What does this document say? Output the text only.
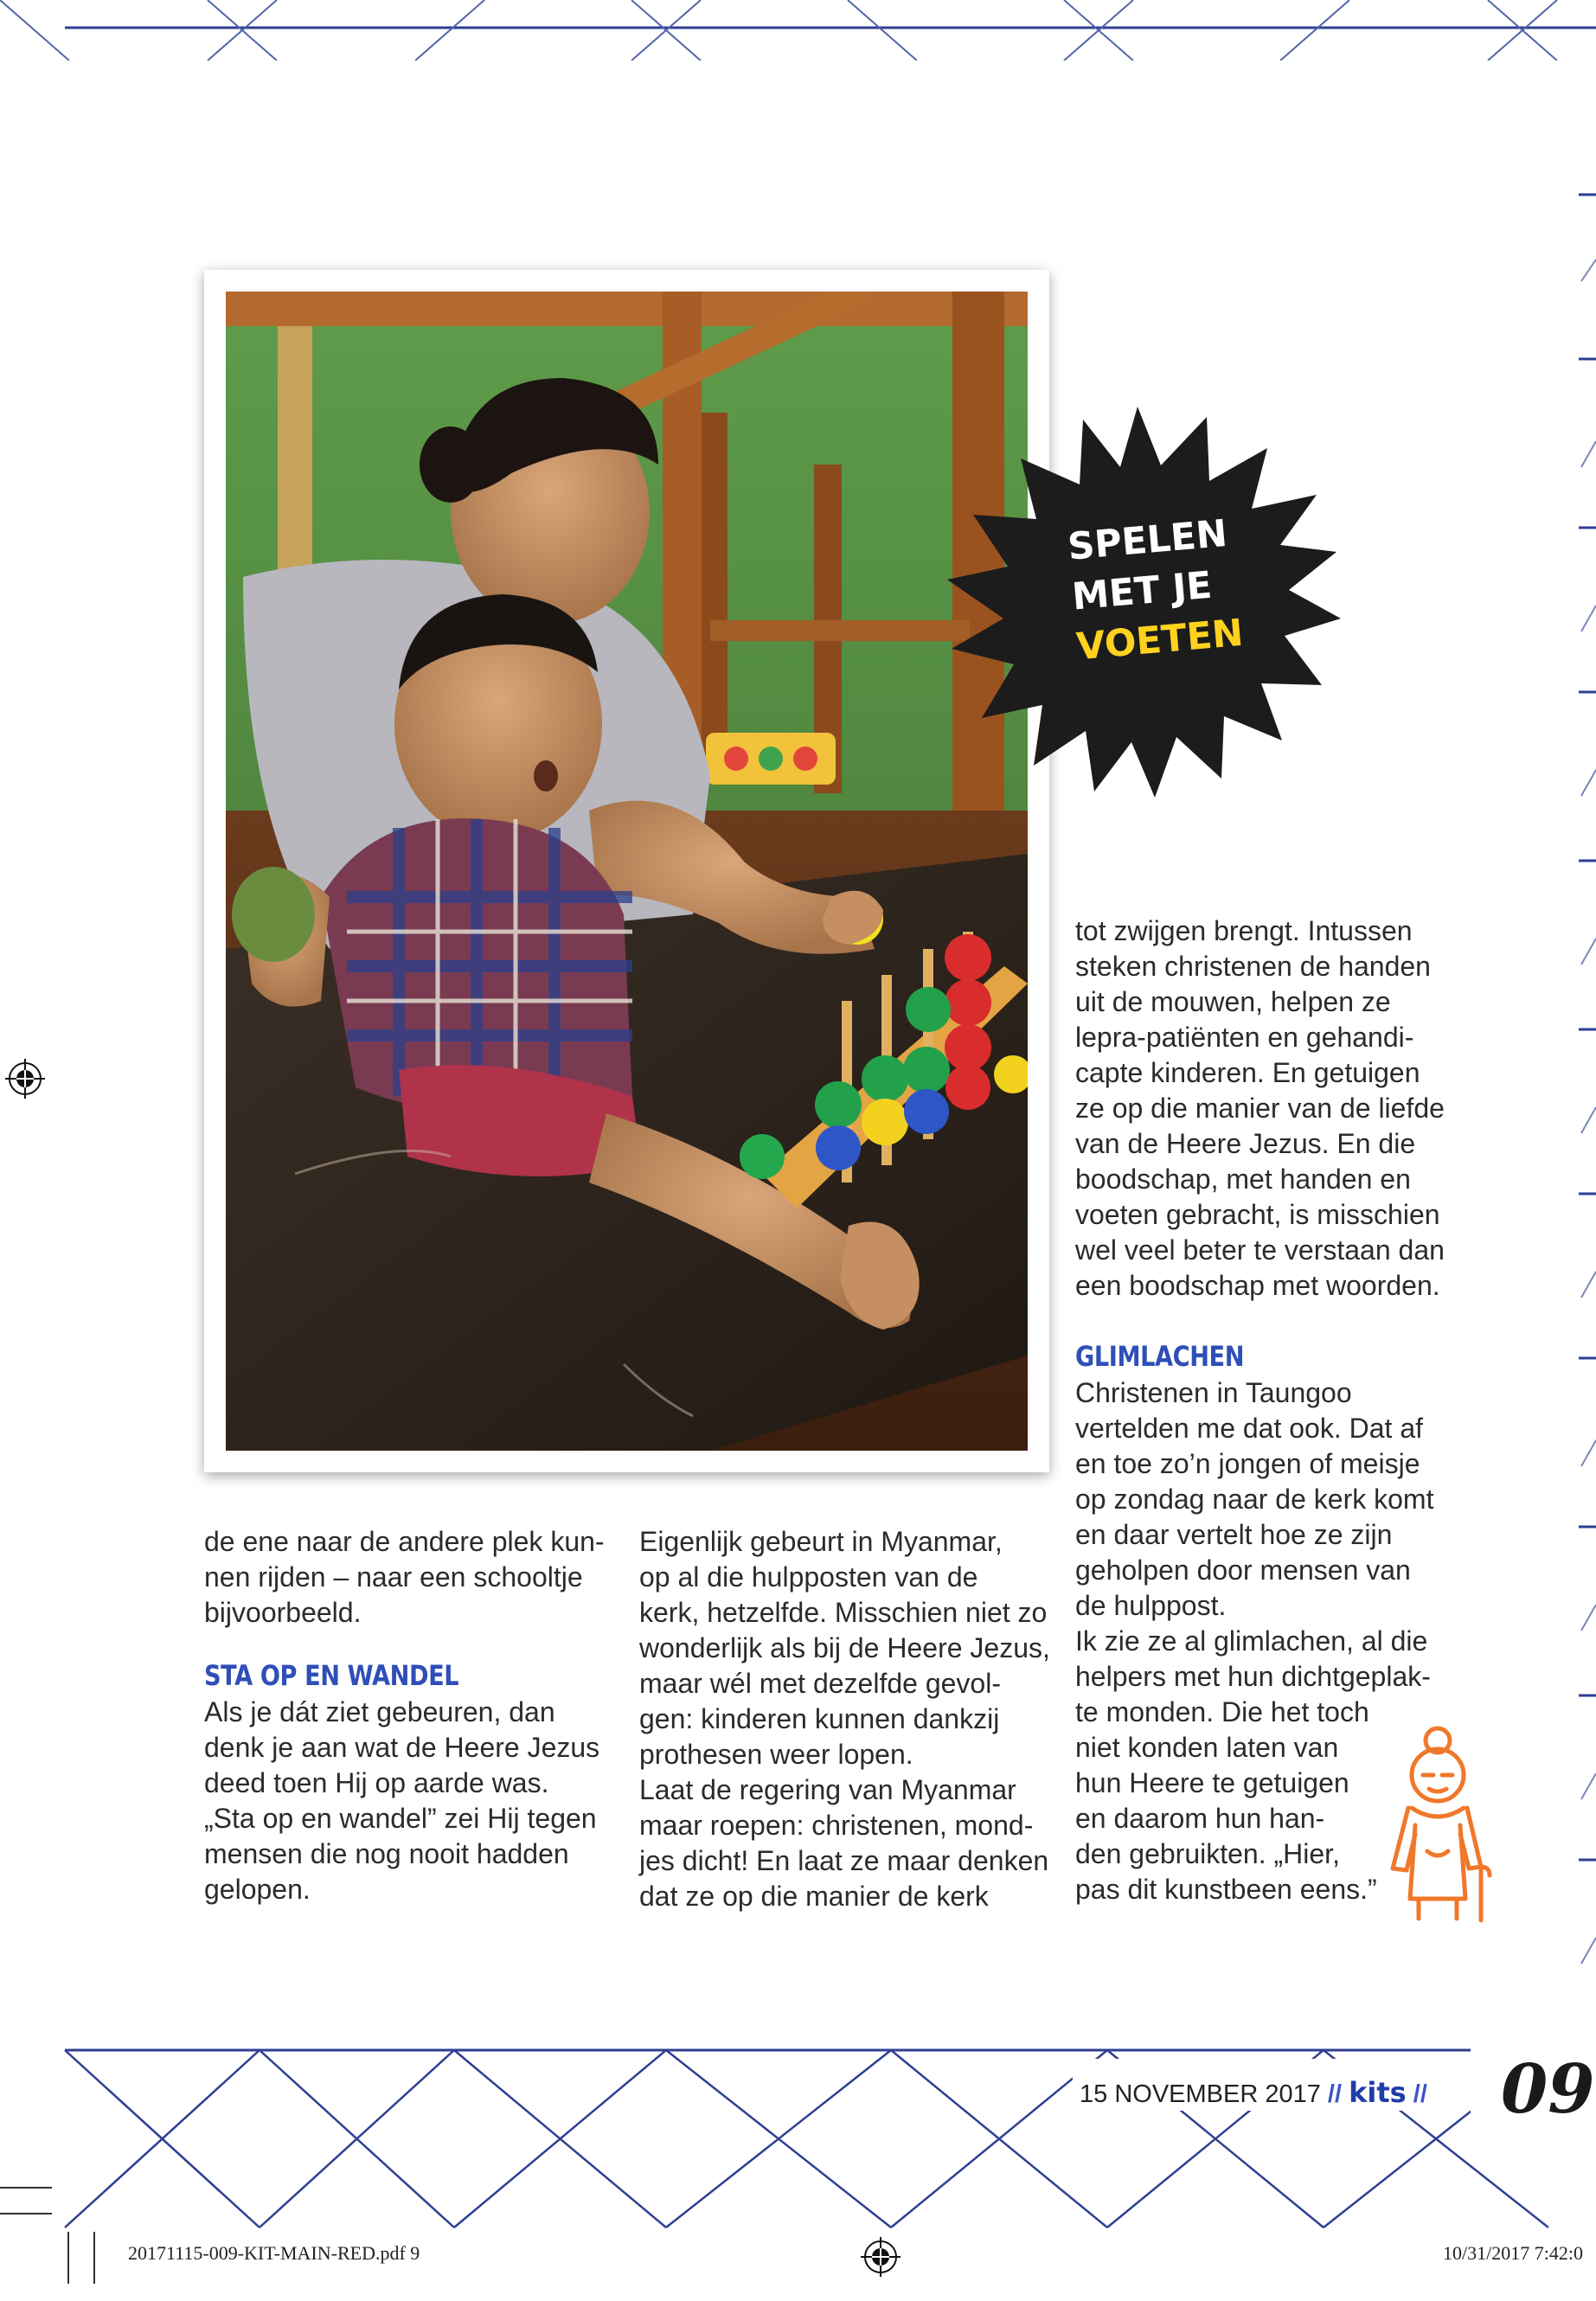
SPELEN
MET JE
VOETEN

de ene naar de andere plek kun-
nen rijden – naar een schooltje
bijvoorbeeld.

STA OP EN WANDEL

Als je dát ziet gebeuren, dan
denk je aan wat de Heere Jezus
deed toen Hij op aarde was.
„Sta op en wandel” zei Hij tegen
mensen die nog nooit hadden
gelopen.

Eigenlijk gebeurt in Myanmar,
op al die hulpposten van de
kerk, hetzelfde. Misschien niet zo
wonderlijk als bij de Heere Jezus,
maar wél met dezelfde gevol-
gen: kinderen kunnen dankzij
prothesen weer lopen.
Laat de regering van Myanmar
maar roepen: christenen, mond-
jes dicht! En laat ze maar denken
dat ze op die manier de kerk

tot zwijgen brengt. Intussen
steken christenen de handen
uit de mouwen, helpen ze
lepra-patiënten en gehandi-
capte kinderen. En getuigen
ze op die manier van de liefde
van de Heere Jezus. En die
boodschap, met handen en
voeten gebracht, is misschien
wel veel beter te verstaan dan
een boodschap met woorden.

GLIMLACHEN

Christenen in Taungoo
vertelden me dat ook. Dat af
en toe zo’n jongen of meisje
op zondag naar de kerk komt
en daar vertelt hoe ze zijn
geholpen door mensen van
de hulppost.
Ik zie ze al glimlachen, al die
helpers met hun dichtgeplak-
te monden. Die het toch
niet konden laten van
hun Heere te getuigen
en daarom hun han-
den gebruikten. „Hier,
pas dit kunstbeen eens.”

15 NOVEMBER 2017 // kits // 09
20171115-009-KIT-MAIN-RED.pdf 9	10/31/2017 7:42:0
